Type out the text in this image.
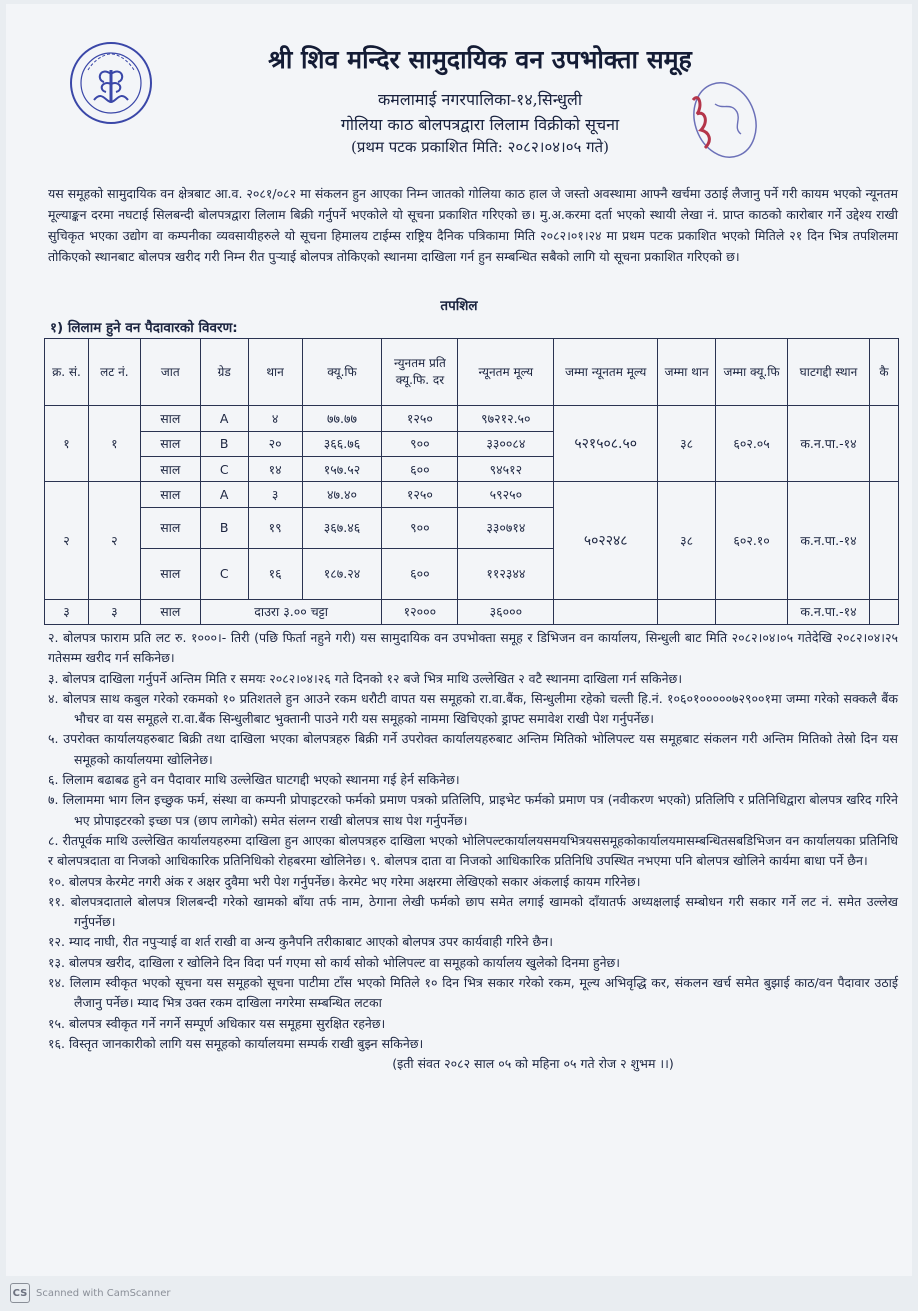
श्री शिव मन्दिर सामुदायिक वन उपभोक्ता समूह
कमलामाई नगरपालिका-१४,सिन्धुली
गोलिया काठ बोलपत्रद्वारा लिलाम विक्रीको सूचना
(प्रथम पटक प्रकाशित मिति: २०८२।०४।०५ गते)
यस समूहको सामुदायिक वन क्षेत्रबाट आ.व. २०८१/०८२ मा संकलन हुन आएका निम्न जातको गोलिया काठ हाल जे जस्तो अवस्थामा आफ्नै खर्चमा उठाई लैजानु पर्ने गरी कायम भएको न्यूनतम मूल्याङ्कन दरमा नघटाई सिलबन्दी बोलपत्रद्वारा लिलाम बिक्री गर्नुपर्ने भएकोले यो सूचना प्रकाशित गरिएको छ। मु.अ.करमा दर्ता भएको स्थायी लेखा नं. प्राप्त काठको कारोबार गर्ने उद्देश्य राखी सुचिकृत भएका उद्योग वा कम्पनीका व्यवसायीहरुले यो सूचना हिमालय टाईम्स राष्ट्रिय दैनिक पत्रिकामा मिति २०८२।०१।२४ मा प्रथम पटक प्रकाशित भएको मितिले २१ दिन भित्र तपशिलमा तोकिएको स्थानबाट बोलपत्र खरीद गरी निम्न रीत पुऱ्याई बोलपत्र तोकिएको स्थानमा दाखिला गर्न हुन सम्बन्धित सबैको लागि यो सूचना प्रकाशित गरिएको छ।
तपशिल
१) लिलाम हुने वन पैदावारको विवरण:
क्र. सं.	लट नं.	जात	ग्रेड	थान	क्यू.फि	न्युनतम प्रति क्यू.फि. दर	न्यूनतम मूल्य	जम्मा न्यूनतम मूल्य	जम्मा थान	जम्मा क्यू.फि	घाटगद्दी स्थान	कै
१	१	साल	A	४	७७.७७	१२५०	९७२१२.५०	५२१५०८.५०	३८	६०२.०५	क.न.पा.-१४	
		साल	B	२०	३६६.७६	९००	३३००८४					
		साल	C	१४	१५७.५२	६००	९४५१२					
२	२	साल	A	३	४७.४०	१२५०	५९२५०	५०२२४८	३८	६०२.१०	क.न.पा.-१४	
		साल	B	१९	३६७.४६	९००	३३०७१४					
		साल	C	१६	१८७.२४	६००	११२३४४					
३	३	साल	दाउरा ३.०० चट्टा			१२०००	३६०००				क.न.पा.-१४	

२. बोलपत्र फाराम प्रति लट रु. १०००।- तिरी (पछि फिर्ता नहुने गरी) यस सामुदायिक वन उपभोक्ता समूह र डिभिजन वन कार्यालय, सिन्धुली बाट मिति २०८२।०४।०५ गतेदेखि २०८२।०४।२५ गतेसम्म खरीद गर्न सकिनेछ।

३. बोलपत्र दाखिला गर्नुपर्ने अन्तिम मिति र समयः २०८२।०४।२६ गते दिनको १२ बजे भित्र माथि उल्लेखित २ वटै स्थानमा दाखिला गर्न सकिनेछ।

४. बोलपत्र साथ कबुल गरेको रकमको १० प्रतिशतले हुन आउने रकम धरौटी वापत यस समूहको रा.वा.बैंक, सिन्धुलीमा रहेको चल्ती हि.नं. १०६०१०००००७२९००१मा जम्मा गरेको सक्कलै बैंक भौचर वा यस समूहले रा.वा.बैंक सिन्धुलीबाट भुक्तानी पाउने गरी यस समूहको नाममा खिचिएको ड्राफ्ट समावेश राखी पेश गर्नुपर्नेछ।

५. उपरोक्त कार्यालयहरुबाट बिक्री तथा दाखिला भएका बोलपत्रहरु बिक्री गर्ने उपरोक्त कार्यालयहरुबाट अन्तिम मितिको भोलिपल्ट यस समूहबाट संकलन गरी अन्तिम मितिको तेस्रो दिन यस समूहको कार्यालयमा खोलिनेछ।

६. लिलाम बढाबढ हुने वन पैदावार माथि उल्लेखित घाटगद्दी भएको स्थानमा गई हेर्न सकिनेछ।

७. लिलाममा भाग लिन इच्छुक फर्म, संस्था वा कम्पनी प्रोपाइटरको फर्मको प्रमाण पत्रको प्रतिलिपि, प्राइभेट फर्मको प्रमाण पत्र (नवीकरण भएको) प्रतिलिपि र प्रतिनिधिद्वारा बोलपत्र खरिद गरिने भए प्रोपाइटरको इच्छा पत्र (छाप लागेको) समेत संलग्न राखी बोलपत्र साथ पेश गर्नुपर्नेछ।

८. रीतपूर्वक माथि उल्लेखित कार्यालयहरुमा दाखिला हुन आएका बोलपत्रहरु दाखिला भएको भोलिपल्टकार्यालयसमयभित्रयससमूहकोकार्यालयमासम्बन्धितसबडिभिजन वन कार्यालयका प्रतिनिधि र बोलपत्रदाता वा निजको आधिकारिक प्रतिनिधिको रोहबरमा खोलिनेछ। ९. बोलपत्र दाता वा निजको आधिकारिक प्रतिनिधि उपस्थित नभएमा पनि बोलपत्र खोलिने कार्यमा बाधा पर्ने छैन।

१०. बोलपत्र केरमेट नगरी अंक र अक्षर दुवैमा भरी पेश गर्नुपर्नेछ। केरमेट भए गरेमा अक्षरमा लेखिएको सकार अंकलाई कायम गरिनेछ।

११. बोलपत्रदाताले बोलपत्र शिलबन्दी गरेको खामको बाँया तर्फ नाम, ठेगाना लेखी फर्मको छाप समेत लगाई खामको दाँयातर्फ अध्यक्षलाई सम्बोधन गरी सकार गर्ने लट नं. समेत उल्लेख गर्नुपर्नेछ।

१२. म्याद नाघी, रीत नपुऱ्याई वा शर्त राखी वा अन्य कुनैपनि तरीकाबाट आएको बोलपत्र उपर कार्यवाही गरिने छैन।

१३. बोलपत्र खरीद, दाखिला र खोलिने दिन विदा पर्न गएमा सो कार्य सोको भोलिपल्ट वा समूहको कार्यालय खुलेको दिनमा हुनेछ।

१४. लिलाम स्वीकृत भएको सूचना यस समूहको सूचना पाटीमा टाँस भएको मितिले १० दिन भित्र सकार गरेको रकम, मूल्य अभिवृद्धि कर, संकलन खर्च समेत बुझाई काठ/वन पैदावार उठाई लैजानु पर्नेछ। म्याद भित्र उक्त रकम दाखिला नगरेमा सम्बन्धित लटका

१५. बोलपत्र स्वीकृत गर्ने नगर्ने सम्पूर्ण अधिकार यस समूहमा सुरक्षित रहनेछ।

१६. विस्तृत जानकारीको लागि यस समूहको कार्यालयमा सम्पर्क राखी बुझ्न सकिनेछ।

(इती संवत २०८२ साल ०५ को महिना ०५ गते रोज २ शुभम ।।)

CS Scanned with CamScanner
